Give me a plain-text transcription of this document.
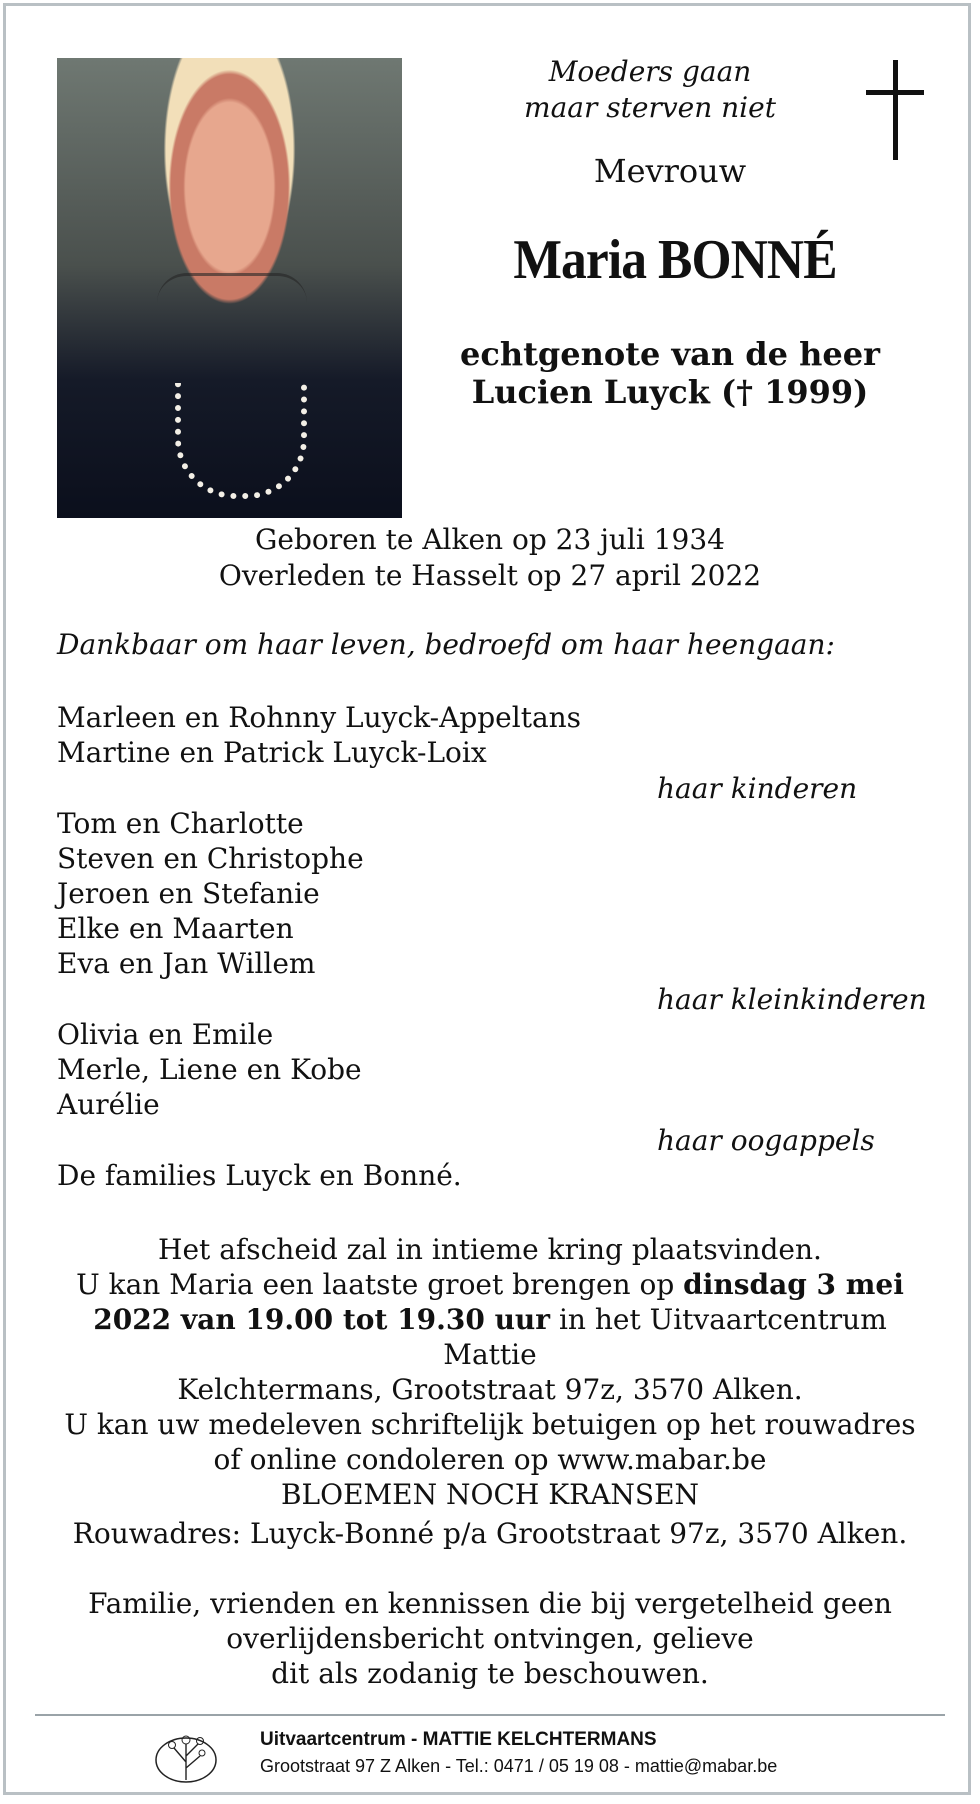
Moeders gaan
maar sterven niet
Mevrouw
Maria BONNÉ
echtgenote van de heer
Lucien Luyck († 1999)
Geboren te Alken op 23 juli 1934
Overleden te Hasselt op 27 april 2022
Dankbaar om haar leven, bedroefd om haar heengaan:
Marleen en Rohnny Luyck-Appeltans
Martine en Patrick Luyck-Loix
haar kinderen
Tom en Charlotte
Steven en Christophe
Jeroen en Stefanie
Elke en Maarten
Eva en Jan Willem
haar kleinkinderen
Olivia en Emile
Merle, Liene en Kobe
Aurélie
haar oogappels
De families Luyck en Bonné.
Het afscheid zal in intieme kring plaatsvinden.
U kan Maria een laatste groet brengen op dinsdag 3 mei
2022 van 19.00 tot 19.30 uur in het Uitvaartcentrum Mattie
Kelchtermans, Grootstraat 97z, 3570 Alken.
U kan uw medeleven schriftelijk betuigen op het rouwadres
of online condoleren op www.mabar.be
BLOEMEN NOCH KRANSEN
Rouwadres: Luyck-Bonné p/a Grootstraat 97z, 3570 Alken.
Familie, vrienden en kennissen die bij vergetelheid geen
overlijdensbericht ontvingen, gelieve
dit als zodanig te beschouwen.
Uitvaartcentrum - MATTIE KELCHTERMANS
Grootstraat 97 Z Alken - Tel.: 0471 / 05 19 08 - mattie@mabar.be
